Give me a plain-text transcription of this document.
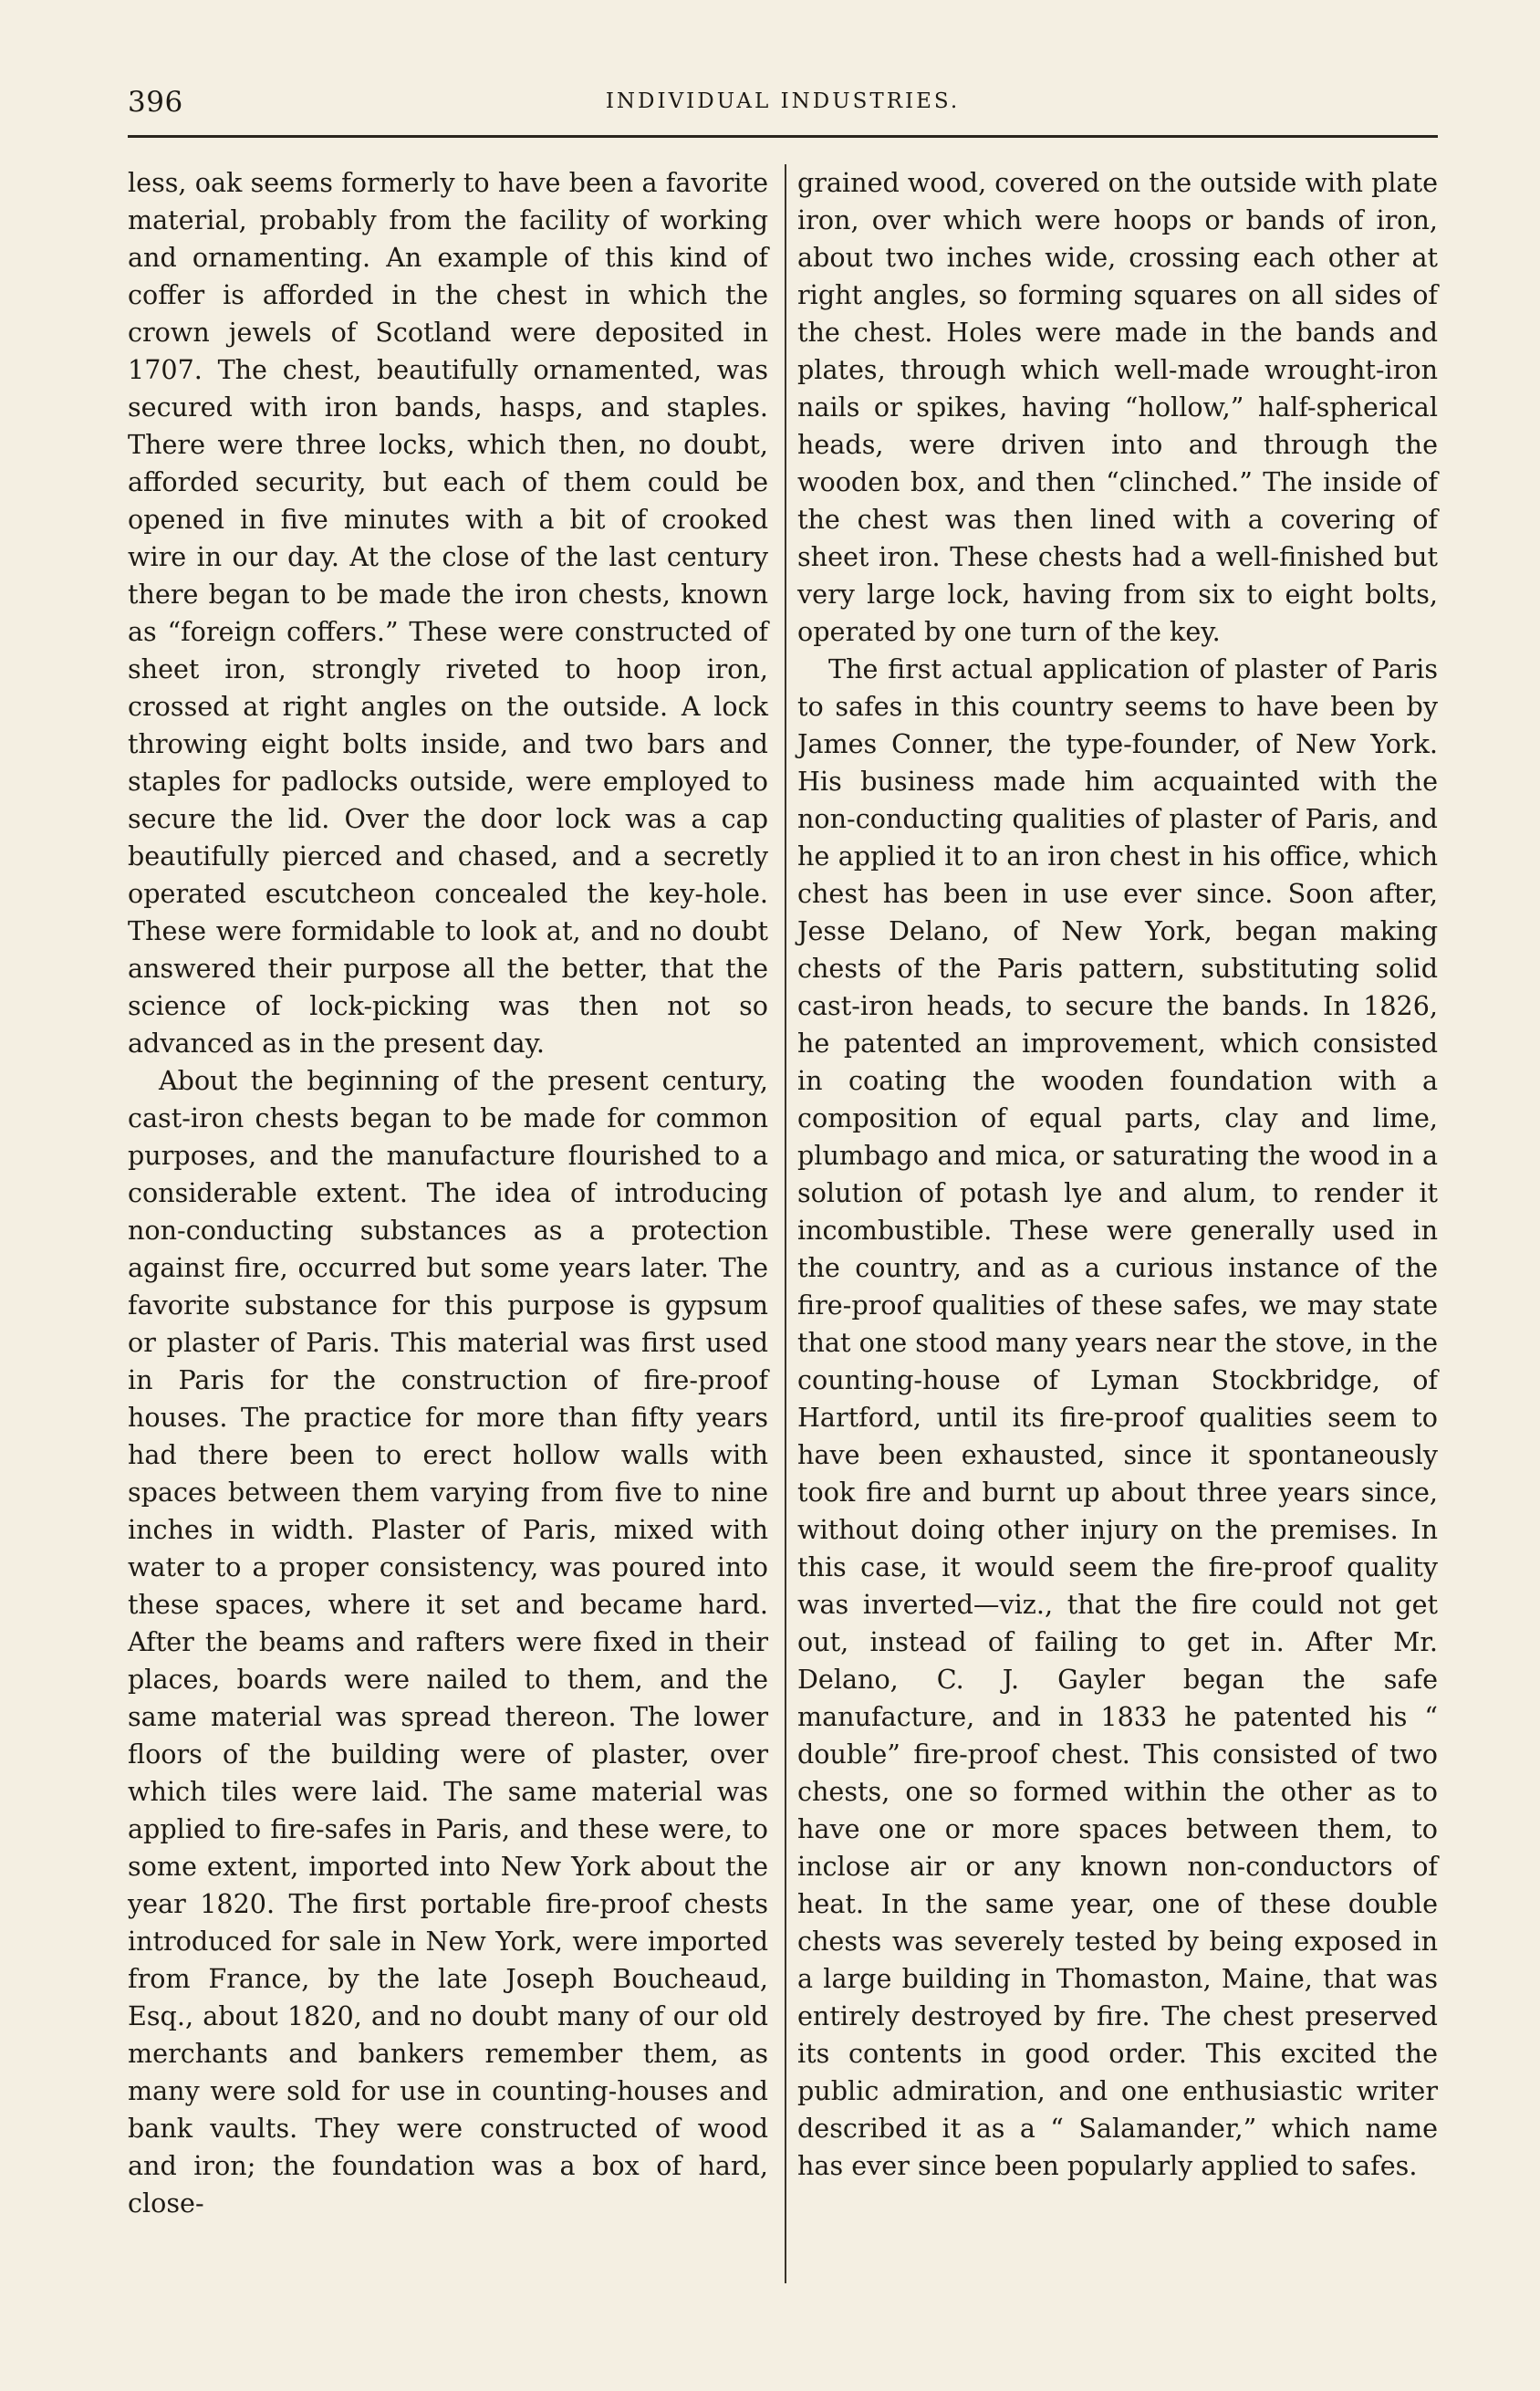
396	INDIVIDUAL INDUSTRIES.

less, oak seems formerly to have been a favorite material, probably from the facility of working and ornamenting. An example of this kind of coffer is afforded in the chest in which the crown jewels of Scotland were deposited in 1707. The chest, beautifully ornamented, was secured with iron bands, hasps, and staples. There were three locks, which then, no doubt, afforded security, but each of them could be opened in five minutes with a bit of crooked wire in our day. At the close of the last century there began to be made the iron chests, known as “foreign coffers.” These were constructed of sheet iron, strongly riveted to hoop iron, crossed at right angles on the outside. A lock throwing eight bolts inside, and two bars and staples for padlocks outside, were employed to secure the lid. Over the door lock was a cap beautifully pierced and chased, and a secretly operated escutcheon concealed the key-hole. These were formidable to look at, and no doubt answered their purpose all the better, that the science of lock-picking was then not so advanced as in the present day.

About the beginning of the present century, cast-iron chests began to be made for common purposes, and the manufacture flourished to a considerable extent. The idea of introducing non-conducting substances as a protection against fire, occurred but some years later. The favorite substance for this purpose is gypsum or plaster of Paris. This material was first used in Paris for the construction of fire-proof houses. The practice for more than fifty years had there been to erect hollow walls with spaces between them varying from five to nine inches in width. Plaster of Paris, mixed with water to a proper consistency, was poured into these spaces, where it set and became hard. After the beams and rafters were fixed in their places, boards were nailed to them, and the same material was spread thereon. The lower floors of the building were of plaster, over which tiles were laid. The same material was applied to fire-safes in Paris, and these were, to some extent, imported into New York about the year 1820. The first portable fire-proof chests introduced for sale in New York, were imported from France, by the late Joseph Boucheaud, Esq., about 1820, and no doubt many of our old merchants and bankers remember them, as many were sold for use in counting-houses and bank vaults. They were constructed of wood and iron; the foundation was a box of hard, close-

grained wood, covered on the outside with plate iron, over which were hoops or bands of iron, about two inches wide, crossing each other at right angles, so forming squares on all sides of the chest. Holes were made in the bands and plates, through which well-made wrought-iron nails or spikes, having “hollow,” half-spherical heads, were driven into and through the wooden box, and then “clinched.” The inside of the chest was then lined with a covering of sheet iron. These chests had a well-finished but very large lock, having from six to eight bolts, operated by one turn of the key.

The first actual application of plaster of Paris to safes in this country seems to have been by James Conner, the type-founder, of New York. His business made him acquainted with the non-conducting qualities of plaster of Paris, and he applied it to an iron chest in his office, which chest has been in use ever since. Soon after, Jesse Delano, of New York, began making chests of the Paris pattern, substituting solid cast-iron heads, to secure the bands. In 1826, he patented an improvement, which consisted in coating the wooden foundation with a composition of equal parts, clay and lime, plumbago and mica, or saturating the wood in a solution of potash lye and alum, to render it incombustible. These were generally used in the country, and as a curious instance of the fire-proof qualities of these safes, we may state that one stood many years near the stove, in the counting-house of Lyman Stockbridge, of Hartford, until its fire-proof qualities seem to have been exhausted, since it spontaneously took fire and burnt up about three years since, without doing other injury on the premises. In this case, it would seem the fire-proof quality was inverted—viz., that the fire could not get out, instead of failing to get in. After Mr. Delano, C. J. Gayler began the safe manufacture, and in 1833 he patented his “ double” fire-proof chest. This consisted of two chests, one so formed within the other as to have one or more spaces between them, to inclose air or any known non-conductors of heat. In the same year, one of these double chests was severely tested by being exposed in a large building in Thomaston, Maine, that was entirely destroyed by fire. The chest preserved its contents in good order. This excited the public admiration, and one enthusiastic writer described it as a “ Salamander,” which name has ever since been popularly applied to safes.
